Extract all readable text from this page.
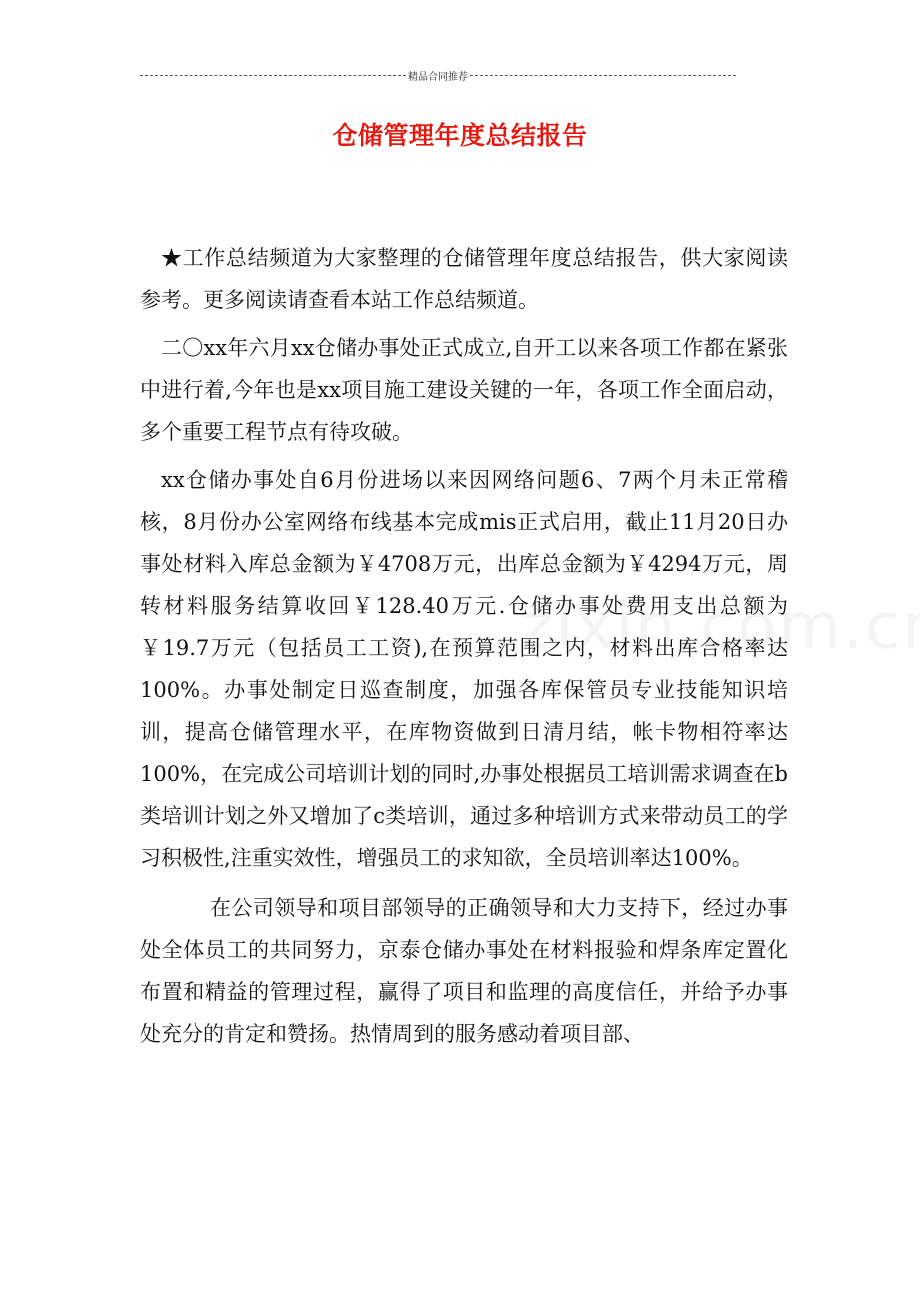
精品合同推荐
仓储管理年度总结报告

★工作总结频道为大家整理的仓储管理年度总结报告，供大家阅读参考。更多阅读请查看本站工作总结频道。

二〇xx年六月xx仓储办事处正式成立,自开工以来各项工作都在紧张中进行着,今年也是xx项目施工建设关键的一年，各项工作全面启动，多个重要工程节点有待攻破。

xx仓储办事处自6月份进场以来因网络问题6、7两个月未正常稽核，8月份办公室网络布线基本完成mis正式启用，截止11月20日办事处材料入库总金额为￥4708万元，出库总金额为￥4294万元，周转材料服务结算收回￥128.40万元.仓储办事处费用支出总额为￥19.7万元（包括员工工资),在预算范围之内，材料出库合格率达100%。办事处制定日巡查制度，加强各库保管员专业技能知识培训，提高仓储管理水平，在库物资做到日清月结，帐卡物相符率达100%，在完成公司培训计划的同时,办事处根据员工培训需求调查在b类培训计划之外又增加了c类培训，通过多种培训方式来带动员工的学习积极性,注重实效性，增强员工的求知欲，全员培训率达100%。

在公司领导和项目部领导的正确领导和大力支持下，经过办事处全体员工的共同努力，京泰仓储办事处在材料报验和焊条库定置化布置和精益的管理过程，赢得了项目和监理的高度信任，并给予办事处充分的肯定和赞扬。热情周到的服务感动着项目部、
